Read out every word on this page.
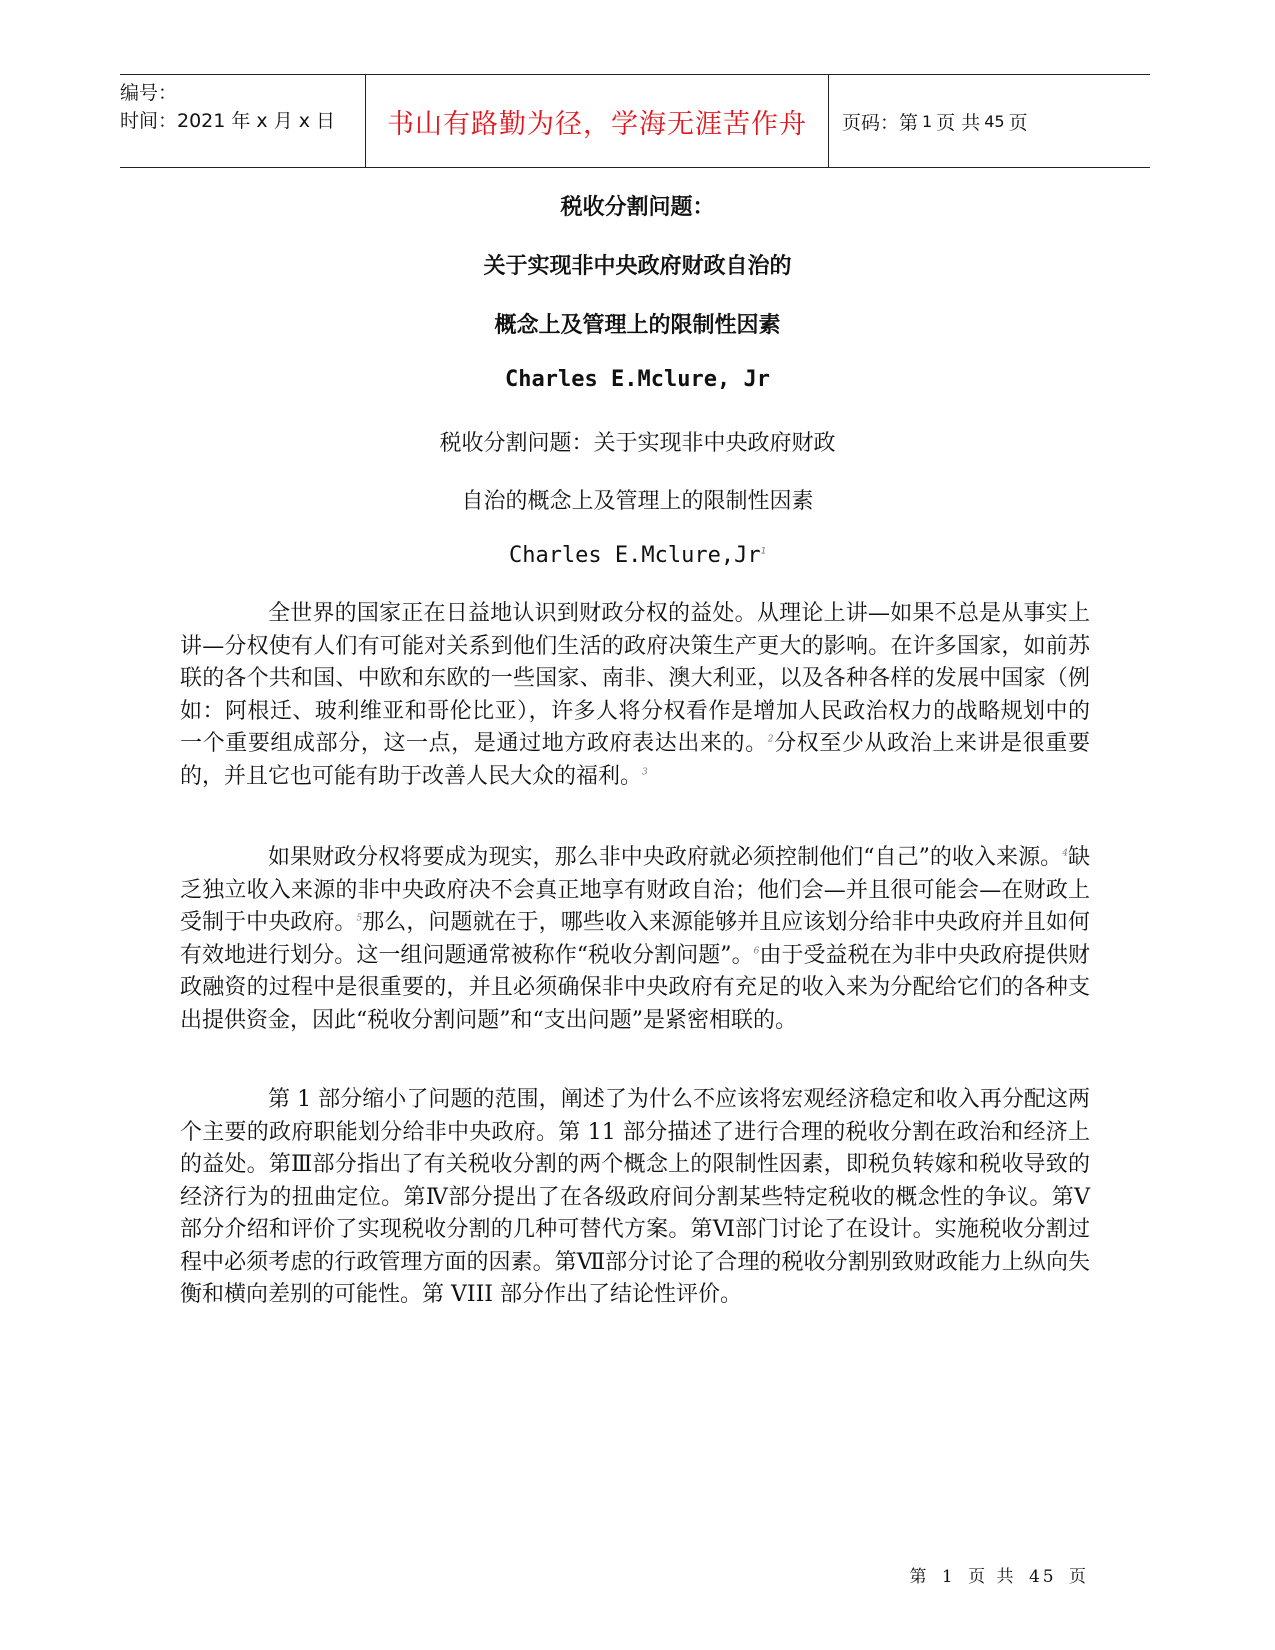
编号：
时间：2021 年 x 月 x 日	书山有路勤为径，学海无涯苦作舟	页码：第 1 页 共 45 页
税收分割问题：
关于实现非中央政府财政自治的
概念上及管理上的限制性因素
Charles E.Mclure, Jr
税收分割问题：关于实现非中央政府财政
自治的概念上及管理上的限制性因素
Charles E.Mclure,Jr$^1$

全世界的国家正在日益地认识到财政分权的益处。从理论上讲—如果不总是从事实上讲—分权使有人们有可能对关系到他们生活的政府决策生产更大的影响。在许多国家，如前苏联的各个共和国、中欧和东欧的一些国家、南非、澳大利亚，以及各种各样的发展中国家（例如：阿根迁、玻利维亚和哥伦比亚），许多人将分权看作是增加人民政治权力的战略规划中的一个重要组成部分，这一点，是通过地方政府表达出来的。$^2$分权至少从政治上来讲是很重要的，并且它也可能有助于改善人民大众的福利。$^3$

如果财政分权将要成为现实，那么非中央政府就必须控制他们“自己”的收入来源。$^4$缺乏独立收入来源的非中央政府决不会真正地享有财政自治；他们会—并且很可能会—在财政上受制于中央政府。$^5$那么，问题就在于，哪些收入来源能够并且应该划分给非中央政府并且如何有效地进行划分。这一组问题通常被称作“税收分割问题”。$^6$由于受益税在为非中央政府提供财政融资的过程中是很重要的，并且必须确保非中央政府有充足的收入来为分配给它们的各种支出提供资金，因此“税收分割问题”和“支出问题”是紧密相联的。

第 1 部分缩小了问题的范围，阐述了为什么不应该将宏观经济稳定和收入再分配这两个主要的政府职能划分给非中央政府。第 11 部分描述了进行合理的税收分割在政治和经济上的益处。第Ⅲ部分指出了有关税收分割的两个概念上的限制性因素，即税负转嫁和税收导致的经济行为的扭曲定位。第Ⅳ部分提出了在各级政府间分割某些特定税收的概念性的争议。第Ⅴ部分介绍和评价了实现税收分割的几种可替代方案。第Ⅵ部门讨论了在设计。实施税收分割过程中必须考虑的行政管理方面的因素。第Ⅶ部分讨论了合理的税收分割别致财政能力上纵向失衡和横向差别的可能性。第 VIII 部分作出了结论性评价。

第 1 页 共 45 页
